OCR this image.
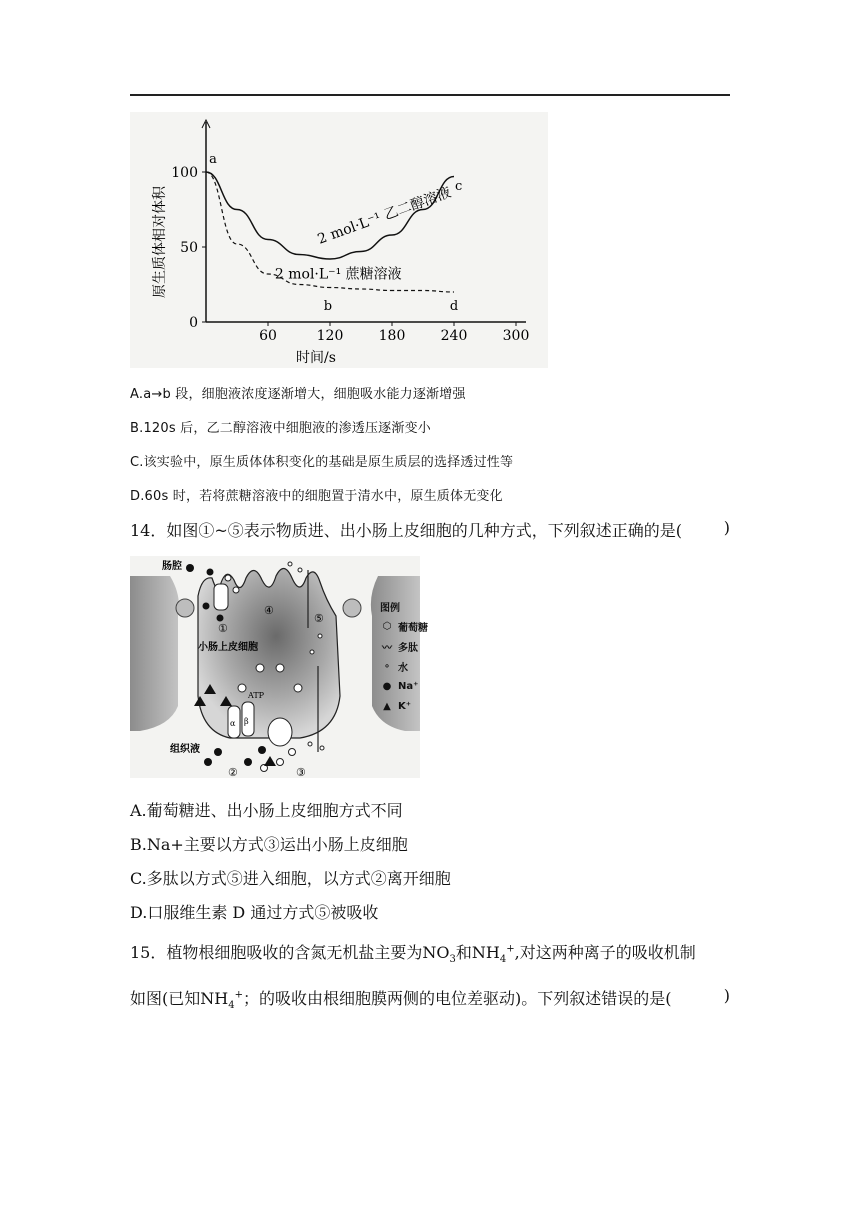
60	120	180	240	300
0
50
100
时间/s
原生质体相对体积	2 mol·L⁻¹ 乙二醇溶液
2 mol·L⁻¹ 蔗糖溶液
a
b
c
d
A.a→b 段，细胞液浓度逐渐增大，细胞吸水能力逐渐增强
B.120s 后，乙二醇溶液中细胞液的渗透压逐渐变小
C.该实验中，原生质体体积变化的基础是原生质层的选择透过性等
D.60s 时，若将蔗糖溶液中的细胞置于清水中，原生质体无变化
14．如图①~⑤表示物质进、出小肠上皮细胞的几种方式，下列叙述正确的是(	)
肠腔
小肠上皮细胞
组织液
ATP
α β
①
②	③
④
⑤
图例
⬡ 葡萄糖
〰 多肽
∘ 水
● Na⁺
▲ K⁺
A.葡萄糖进、出小肠上皮细胞方式不同
B.Na+主要以方式③运出小肠上皮细胞
C.多肽以方式⑤进入细胞，以方式②离开细胞
D.口服维生素 D 通过方式⑤被吸收
15．植物根细胞吸收的含氮无机盐主要为$NO_3$和$NH_4^+$,对这两种离子的吸收机制
如图(已知$NH_4^+$；的吸收由根细胞膜两侧的电位差驱动)。下列叙述错误的是(	)
